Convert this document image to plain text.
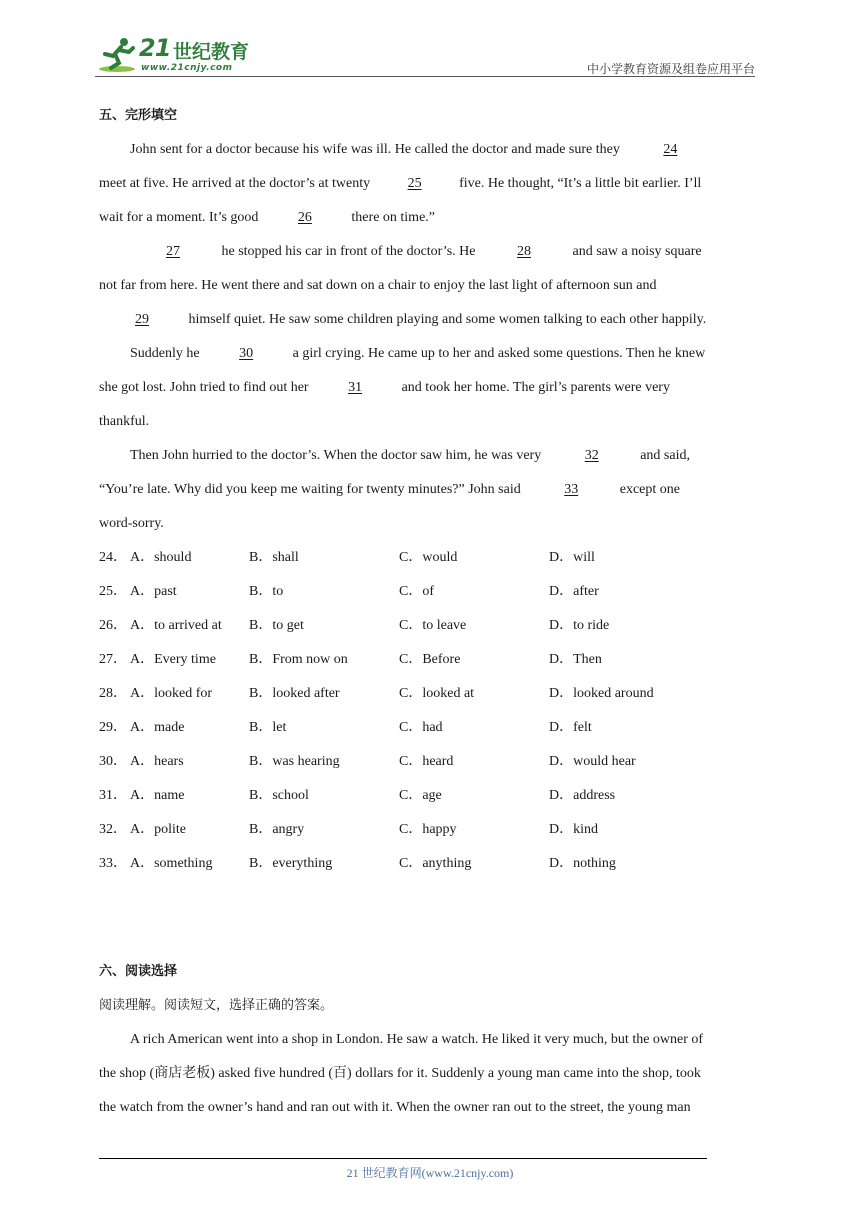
21 世纪教育
www.21cnjy.com	中小学教育资源及组卷应用平台
五、完形填空
John sent for a doctor because his wife was ill. He called the doctor and made sure they	24
meet at five. He arrived at the doctor’s at twenty 25 five. He thought, “It’s a little bit earlier. I’ll
wait for a moment. It’s good	26	there on time.”
27	he stopped his car in front of the doctor’s. He	28	and saw a noisy square
not far from here. He went there and sat down on a chair to enjoy the last light of afternoon sun and
29	himself quiet. He saw some children playing and some women talking to each other happily.
Suddenly he	30	a girl crying. He came up to her and asked some questions. Then he knew
she got lost. John tried to find out her	31	and took her home. The girl’s parents were very
thankful.
Then John hurried to the doctor’s. When the doctor saw him, he was very	32	and said,
“You’re late. Why did you keep me waiting for twenty minutes?” John said	33	except one
word-sorry.
24． A．should	B．shall	C．would	D．will
25． A．past	B．to	C．of	D．after
26． A．to arrived at B．to get	C．to leave	D．to ride
27． A．Every time B．From now on	C．Before	D．Then
28． A．looked for	B．looked after	C．looked at	D．looked around
29． A．made	B．let	C．had	D．felt
30． A．hears	B．was hearing	C．heard	D．would hear
31． A．name	B．school	C．age	D．address
32． A．polite	B．angry	C．happy	D．kind
33． A．something	B．everything	C．anything	D．nothing
六、阅读选择
阅读理解。阅读短文，选择正确的答案。
A rich American went into a shop in London. He saw a watch. He liked it very much, but the owner of
the shop (商店老板) asked five hundred (百) dollars for it. Suddenly a young man came into the shop, took
the watch from the owner’s hand and ran out with it. When the owner ran out to the street, the young man
21 世纪教育网(www.21cnjy.com)
